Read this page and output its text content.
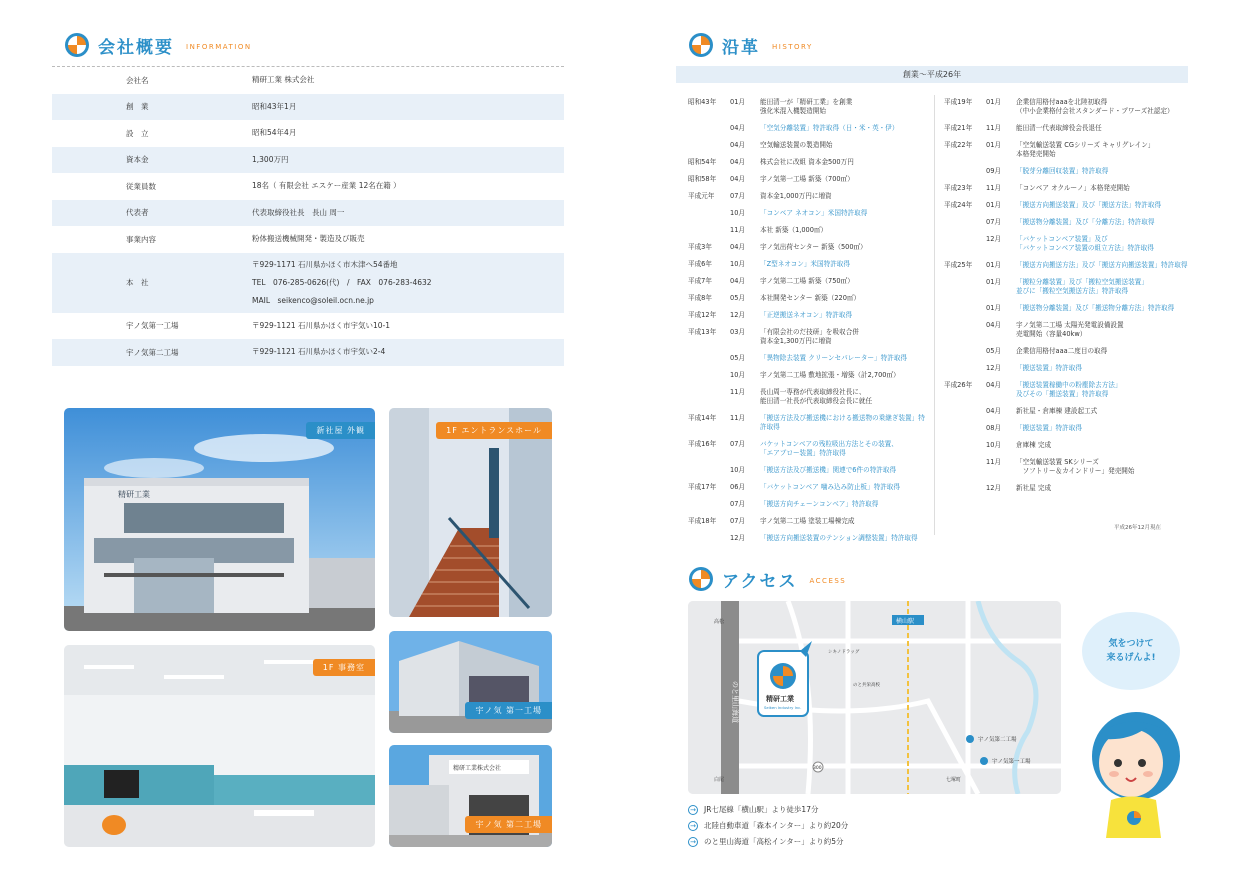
会社概要 INFORMATION
会社名	精研工業 株式会社
創　業	昭和43年1月
設　立	昭和54年4月
資本金	1,300万円
従業員数	18名（ 有限会社 エスケー産業 12名在籍 ）
代表者	代表取締役社長　長山 周一
事業内容	粉体搬送機械開発・製造及び販売
本　社
〒929-1171 石川県かほく市木津へ54番地
TEL　076-285-0626(代)　/　FAX　076-283-4632
MAIL　seikenco@soleil.ocn.ne.jp
宇ノ気第一工場	〒929-1121 石川県かほく市宇気い10-1
宇ノ気第二工場	〒929-1121 石川県かほく市宇気い2-4
精研工業
新社屋 外観	1F エントランスホール
1F 事務室
宇ノ気 第一工場
精研工業株式会社
宇ノ気 第二工場
沿革 HISTORY
創業～平成26年
昭和43年	01月	能田清一が「精研工業」を創業
強化米混入機製造開始
04月	「空気分離装置」特許取得（日・米・英・伊）
04月	空気輸送装置の製造開始
昭和54年	04月	株式会社に改組 資本金500万円
昭和58年	04月	宇ノ気第一工場 新築（700㎡）
平成元年	07月	資本金1,000万円に増資
10月	「コンベア ネオコン」米国特許取得
11月	本社 新築（1,000㎡）
平成3年	04月	宇ノ気出荷センター 新築（500㎡）
平成6年	10月	「Z型ネオコン」米国特許取得
平成7年	04月	宇ノ気第二工場 新築（750㎡）
平成8年	05月	本社開発センター 新築（220㎡）
平成12年	12月	「正逆搬送ネオコン」特許取得
平成13年	03月	「有限会社のだ技研」を吸収合併
資本金1,300万円に増資
05月	「異物除去装置 クリーンセパレーター」特許取得
10月	宇ノ気第二工場 敷地拡張・増築（計2,700㎡）
11月	長山周一専務が代表取締役社長に、
能田清一社長が代表取締役会長に就任
平成14年	11月	「搬送方法及び搬送機における搬送物の乗継ぎ装置」特許取得
平成16年	07月	バケットコンベアの残粒吸出方法とその装置、
「エアブロー装置」特許取得
10月	「搬送方法及び搬送機」関連で6件の特許取得
平成17年	06月	「バケットコンベア 噛み込み防止板」特許取得
07月	「搬送方向チェーンコンベア」特許取得
平成18年	07月	宇ノ気第二工場 塗装工場棟完成
12月	「搬送方向搬送装置のテンション調整装置」特許取得
平成19年	01月	企業信用格付aaaを北陸初取得
（中小企業格付会社スタンダード・プワーズ社認定）
平成21年	11月	能田清一代表取締役会長退任
平成22年	01月	「空気輸送装置 CGシリーズ キャリグレイン」
本格発売開始
09月	「脱芽分離回収装置」特許取得
平成23年	11月	「コンベア オクルーノ」本格発売開始
平成24年	01月	「搬送方向搬送装置」及び「搬送方法」特許取得
07月	「搬送物分離装置」及び「分離方法」特許取得
12月	「バケットコンベア装置」及び
「バケットコンベア装置の組立方法」特許取得
平成25年	01月	「搬送方向搬送方法」及び「搬送方向搬送装置」特許取得
01月	「搬粒分離装置」及び「搬粒空気搬送装置」
並びに「搬粒空気搬送方法」特許取得
01月	「搬送物分離装置」及び「搬送物分離方法」特許取得
04月	宇ノ気第二工場 太陽光発電設備設置
売電開始（容量40kw）
05月	企業信用格付aaa二度目の取得
12月	「搬送装置」特許取得
平成26年	04月	「搬送装置稼働中の粉塵除去方法」
及びその「搬送装置」特許取得
04月	新社屋・倉庫棟 建設起工式
08月	「搬送装置」特許取得
10月	倉庫棟 完成
11月	「空気輸送装置 SKシリーズ
　ソフトリー＆カインドリー」発売開始
12月	新社屋 完成
平成26年12月現在
アクセス ACCESS
のと里山海道
高松
白尾
横山駅
シキノドラッグ
のと共栄高校
七塚町
300
宇ノ気第二工場
宇ノ気第一工場
精研工業
Seiken Industry Inc.
→ JR七尾線「横山駅」より徒歩17分
→ 北陸自動車道「森本インター」より約20分
→ のと里山海道「高松インター」より約5分
気をつけて
来るげんよ!
